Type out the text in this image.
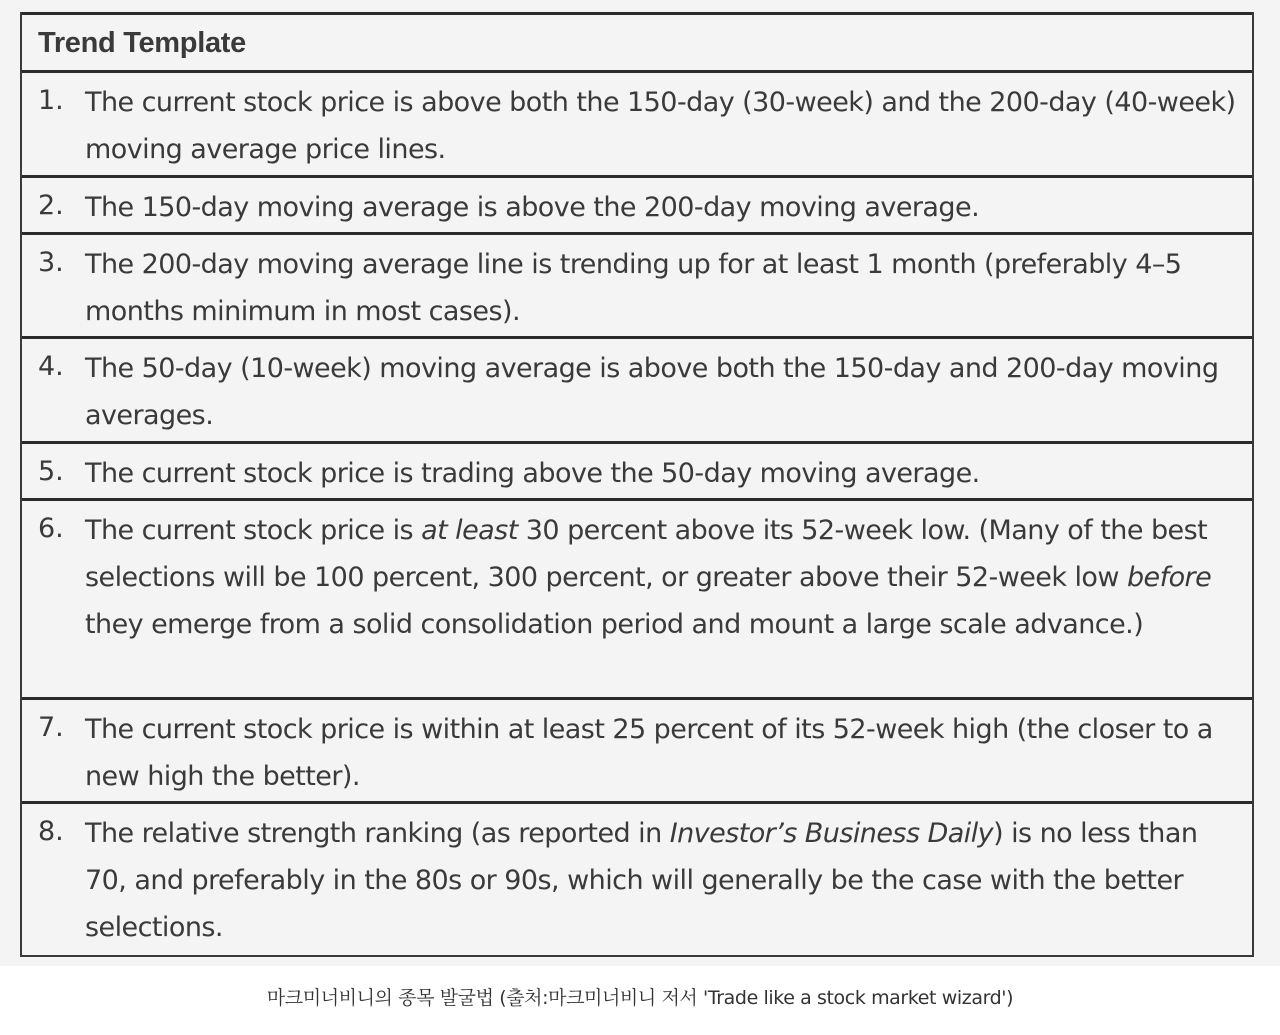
Trend Template
1. The current stock price is above both the 150-day (30-week) and the 200-day (40-week) moving average price lines.
2. The 150-day moving average is above the 200-day moving average.
3. The 200-day moving average line is trending up for at least 1 month (preferably 4–5 months minimum in most cases).
4. The 50-day (10-week) moving average is above both the 150-day and 200-day moving averages.
5. The current stock price is trading above the 50-day moving average.
6. The current stock price is at least 30 percent above its 52-week low. (Many of the best selections will be 100 percent, 300 percent, or greater above their 52-week low before they emerge from a solid consolidation period and mount a large scale advance.)
7. The current stock price is within at least 25 percent of its 52-week high (the closer to a new high the better).
8. The relative strength ranking (as reported in Investor’s Business Daily) is no less than 70, and preferably in the 80s or 90s, which will generally be the case with the better selections.
마크미너비니의 종목 발굴법 (출처:마크미너비니 저서 'Trade like a stock market wizard')
